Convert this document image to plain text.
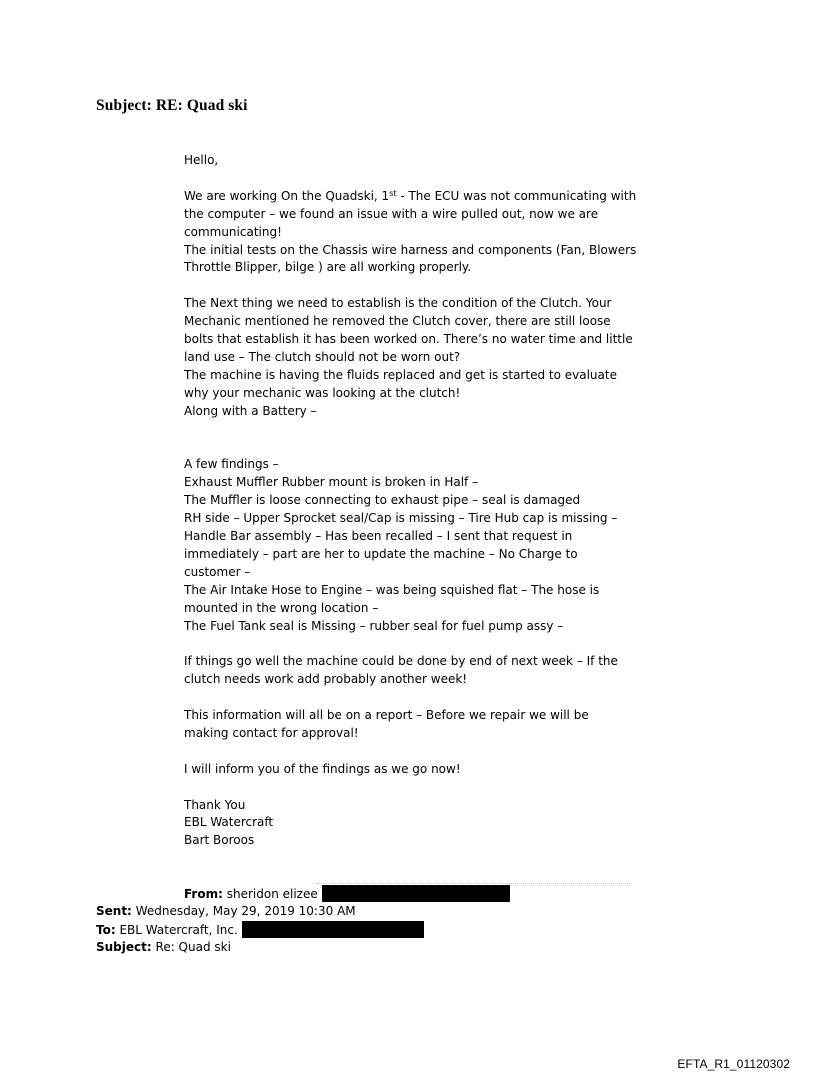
Subject: RE: Quad ski

Hello,

We are working On the Quadski, 1st - The ECU was not communicating with

the computer – we found an issue with a wire pulled out, now we are

communicating!

The initial tests on the Chassis wire harness and components (Fan, Blowers

Throttle Blipper, bilge ) are all working properly.

The Next thing we need to establish is the condition of the Clutch. Your

Mechanic mentioned he removed the Clutch cover, there are still loose

bolts that establish it has been worked on. There’s no water time and little

land use – The clutch should not be worn out?

The machine is having the fluids replaced and get is started to evaluate

why your mechanic was looking at the clutch!

Along with a Battery –

A few findings –

Exhaust Muffler Rubber mount is broken in Half –

The Muffler is loose connecting to exhaust pipe – seal is damaged

RH side – Upper Sprocket seal/Cap is missing – Tire Hub cap is missing –

Handle Bar assembly – Has been recalled – I sent that request in

immediately – part are her to update the machine – No Charge to

customer –

The Air Intake Hose to Engine – was being squished flat – The hose is

mounted in the wrong location –

The Fuel Tank seal is Missing – rubber seal for fuel pump assy –

If things go well the machine could be done by end of next week – If the

clutch needs work add probably another week!

This information will all be on a report – Before we repair we will be

making contact for approval!

I will inform you of the findings as we go now!

Thank You

EBL Watercraft

Bart Boroos

From: sheridon elizee
Sent: Wednesday, May 29, 2019 10:30 AM
To: EBL Watercraft, Inc.
Subject: Re: Quad ski
EFTA_R1_01120302
